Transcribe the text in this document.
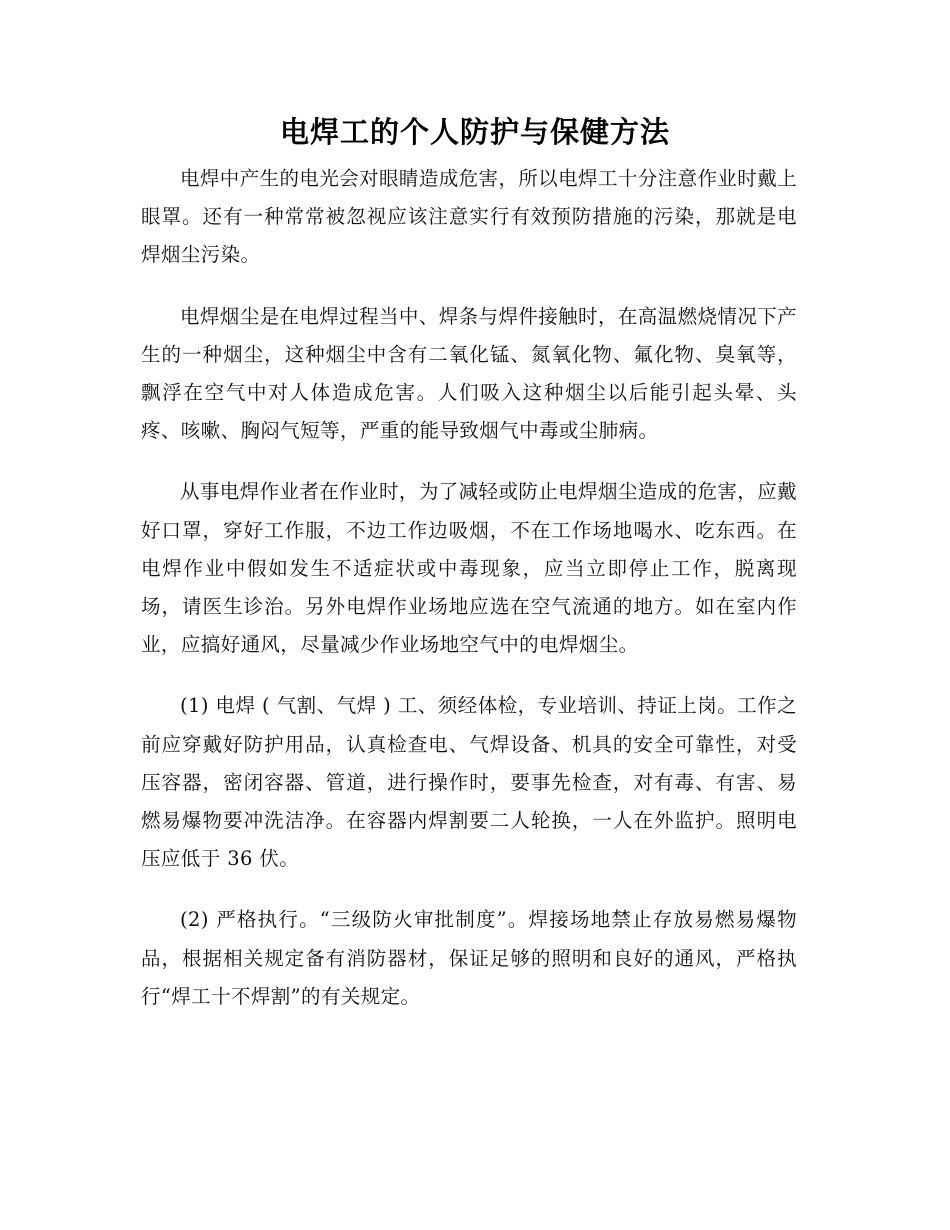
电焊工的个人防护与保健方法

电焊中产生的电光会对眼睛造成危害，所以电焊工十分注意作业时戴上眼罩。还有一种常常被忽视应该注意实行有效预防措施的污染，那就是电焊烟尘污染。

电焊烟尘是在电焊过程当中、焊条与焊件接触时，在高温燃烧情况下产生的一种烟尘，这种烟尘中含有二氧化锰、氮氧化物、氟化物、臭氧等，飘浮在空气中对人体造成危害。人们吸入这种烟尘以后能引起头晕、头疼、咳嗽、胸闷气短等，严重的能导致烟气中毒或尘肺病。

从事电焊作业者在作业时，为了减轻或防止电焊烟尘造成的危害，应戴好口罩，穿好工作服，不边工作边吸烟，不在工作场地喝水、吃东西。在电焊作业中假如发生不适症状或中毒现象，应当立即停止工作，脱离现场，请医生诊治。另外电焊作业场地应选在空气流通的地方。如在室内作业，应搞好通风，尽量减少作业场地空气中的电焊烟尘。

(1) 电焊 ( 气割、气焊 ) 工、须经体检，专业培训、持证上岗。工作之前应穿戴好防护用品，认真检查电、气焊设备、机具的安全可靠性，对受压容器，密闭容器、管道，进行操作时，要事先检查，对有毒、有害、易燃易爆物要冲洗洁净。在容器内焊割要二人轮换，一人在外监护。照明电压应低于 36 伏。

(2) 严格执行。“三级防火审批制度”。焊接场地禁止存放易燃易爆物品，根据相关规定备有消防器材，保证足够的照明和良好的通风，严格执行“焊工十不焊割”的有关规定。
